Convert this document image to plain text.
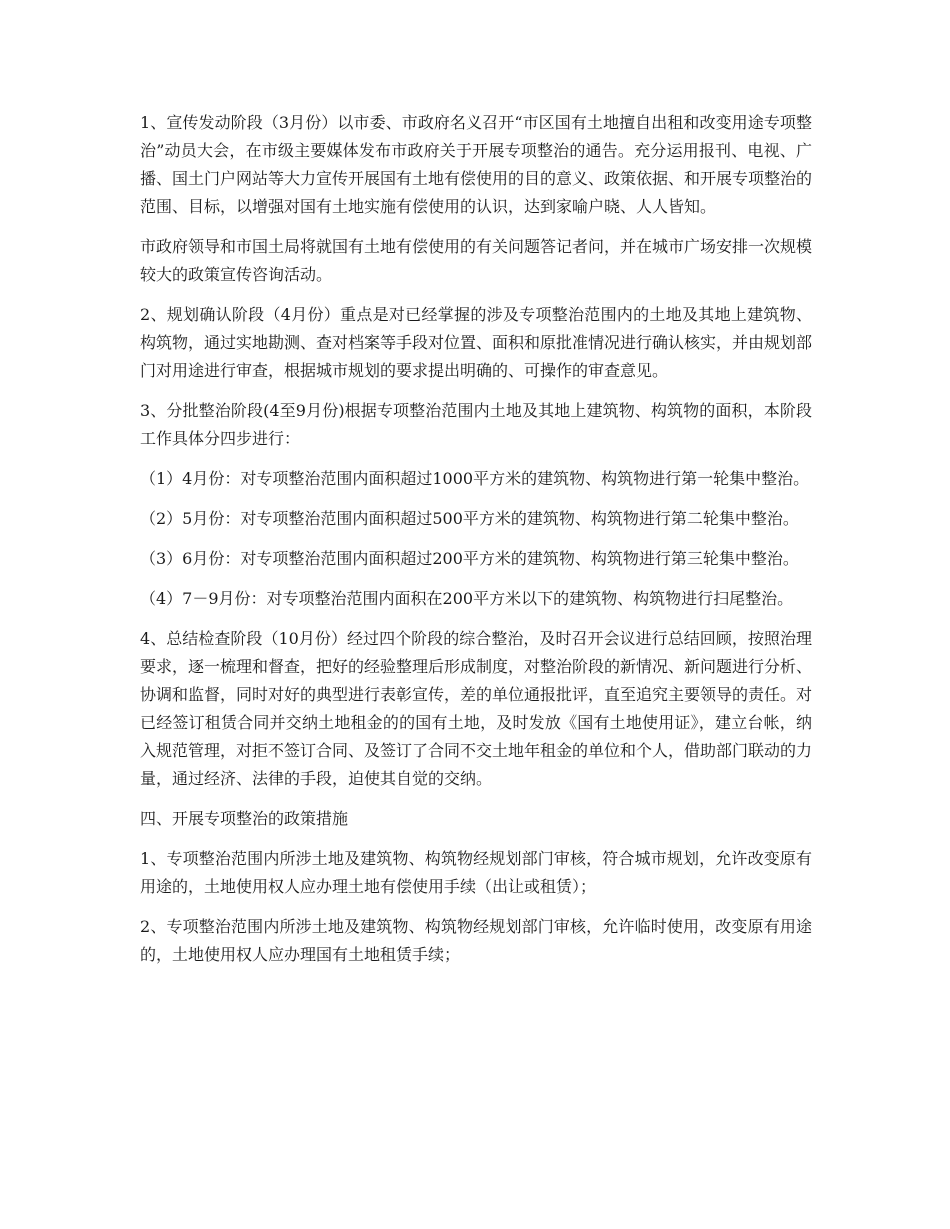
1、宣传发动阶段（3月份）以市委、市政府名义召开“市区国有土地擅自出租和改变用途专项整治”动员大会，在市级主要媒体发布市政府关于开展专项整治的通告。充分运用报刊、电视、广播、国土门户网站等大力宣传开展国有土地有偿使用的目的意义、政策依据、和开展专项整治的范围、目标，以增强对国有土地实施有偿使用的认识，达到家喻户晓、人人皆知。

市政府领导和市国土局将就国有土地有偿使用的有关问题答记者问，并在城市广场安排一次规模较大的政策宣传咨询活动。

2、规划确认阶段（4月份）重点是对已经掌握的涉及专项整治范围内的土地及其地上建筑物、构筑物，通过实地勘测、查对档案等手段对位置、面积和原批准情况进行确认核实，并由规划部门对用途进行审查，根据城市规划的要求提出明确的、可操作的审查意见。

3、分批整治阶段(4至9月份)根据专项整治范围内土地及其地上建筑物、构筑物的面积，本阶段工作具体分四步进行：

（1）4月份：对专项整治范围内面积超过1000平方米的建筑物、构筑物进行第一轮集中整治。

（2）5月份：对专项整治范围内面积超过500平方米的建筑物、构筑物进行第二轮集中整治。

（3）6月份：对专项整治范围内面积超过200平方米的建筑物、构筑物进行第三轮集中整治。

（4）7－9月份：对专项整治范围内面积在200平方米以下的建筑物、构筑物进行扫尾整治。

4、总结检查阶段（10月份）经过四个阶段的综合整治，及时召开会议进行总结回顾，按照治理要求，逐一梳理和督查，把好的经验整理后形成制度，对整治阶段的新情况、新问题进行分析、协调和监督，同时对好的典型进行表彰宣传，差的单位通报批评，直至追究主要领导的责任。对已经签订租赁合同并交纳土地租金的的国有土地，及时发放《国有土地使用证》，建立台帐，纳入规范管理，对拒不签订合同、及签订了合同不交土地年租金的单位和个人，借助部门联动的力量，通过经济、法律的手段，迫使其自觉的交纳。

四、开展专项整治的政策措施

1、专项整治范围内所涉土地及建筑物、构筑物经规划部门审核，符合城市规划，允许改变原有用途的，土地使用权人应办理土地有偿使用手续（出让或租赁）；

2、专项整治范围内所涉土地及建筑物、构筑物经规划部门审核，允许临时使用，改变原有用途的，土地使用权人应办理国有土地租赁手续；
